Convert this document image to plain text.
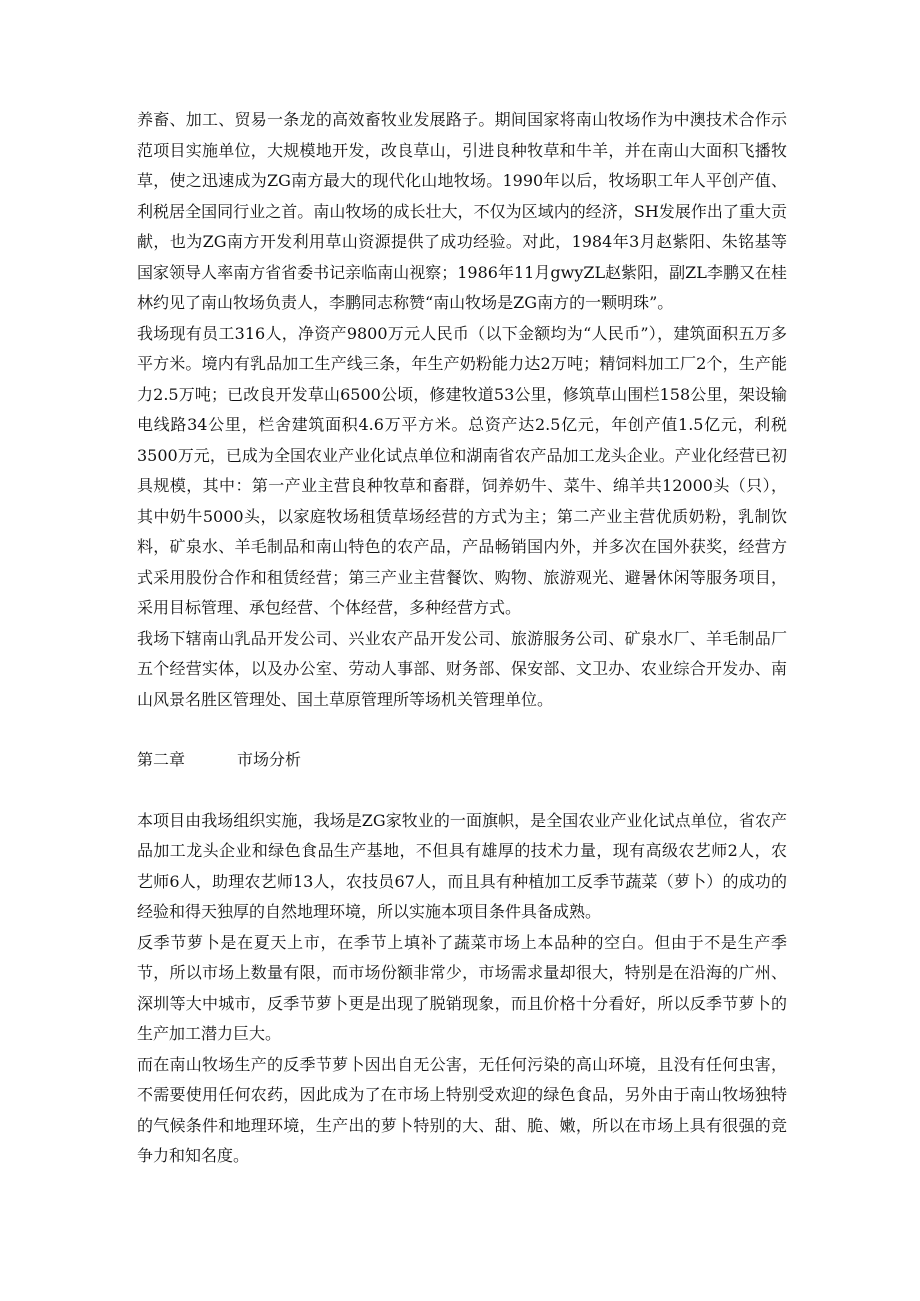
养畜、加工、贸易一条龙的高效畜牧业发展路子。期间国家将南山牧场作为中澳技术合作示范项目实施单位，大规模地开发，改良草山，引进良种牧草和牛羊，并在南山大面积飞播牧草，使之迅速成为ZG南方最大的现代化山地牧场。1990年以后，牧场职工年人平创产值、利税居全国同行业之首。南山牧场的成长壮大，不仅为区域内的经济，SH发展作出了重大贡献，也为ZG南方开发利用草山资源提供了成功经验。对此，1984年3月赵紫阳、朱铭基等国家领导人率南方省省委书记亲临南山视察；1986年11月gwyZL赵紫阳，副ZL李鹏又在桂林约见了南山牧场负责人，李鹏同志称赞“南山牧场是ZG南方的一颗明珠”。

我场现有员工316人，净资产9800万元人民币（以下金额均为“人民币”），建筑面积五万多平方米。境内有乳品加工生产线三条，年生产奶粉能力达2万吨；精饲料加工厂2个，生产能力2.5万吨；已改良开发草山6500公顷，修建牧道53公里，修筑草山围栏158公里，架设输电线路34公里，栏舍建筑面积4.6万平方米。总资产达2.5亿元，年创产值1.5亿元，利税3500万元，已成为全国农业产业化试点单位和湖南省农产品加工龙头企业。产业化经营已初具规模，其中：第一产业主营良种牧草和畜群，饲养奶牛、菜牛、绵羊共12000头（只），其中奶牛5000头，以家庭牧场租赁草场经营的方式为主；第二产业主营优质奶粉，乳制饮料，矿泉水、羊毛制品和南山特色的农产品，产品畅销国内外，并多次在国外获奖，经营方式采用股份合作和租赁经营；第三产业主营餐饮、购物、旅游观光、避暑休闲等服务项目，采用目标管理、承包经营、个体经营，多种经营方式。

我场下辖南山乳品开发公司、兴业农产品开发公司、旅游服务公司、矿泉水厂、羊毛制品厂五个经营实体，以及办公室、劳动人事部、财务部、保安部、文卫办、农业综合开发办、南山风景名胜区管理处、国土草原管理所等场机关管理单位。

第二章	市场分析

本项目由我场组织实施，我场是ZG家牧业的一面旗帜，是全国农业产业化试点单位，省农产品加工龙头企业和绿色食品生产基地，不但具有雄厚的技术力量，现有高级农艺师2人，农艺师6人，助理农艺师13人，农技员67人，而且具有种植加工反季节蔬菜（萝卜）的成功的经验和得天独厚的自然地理环境，所以实施本项目条件具备成熟。

反季节萝卜是在夏天上市，在季节上填补了蔬菜市场上本品种的空白。但由于不是生产季节，所以市场上数量有限，而市场份额非常少，市场需求量却很大，特别是在沿海的广州、深圳等大中城市，反季节萝卜更是出现了脱销现象，而且价格十分看好，所以反季节萝卜的生产加工潜力巨大。

而在南山牧场生产的反季节萝卜因出自无公害，无任何污染的高山环境，且没有任何虫害，不需要使用任何农药，因此成为了在市场上特别受欢迎的绿色食品，另外由于南山牧场独特的气候条件和地理环境，生产出的萝卜特别的大、甜、脆、嫩，所以在市场上具有很强的竞争力和知名度。
